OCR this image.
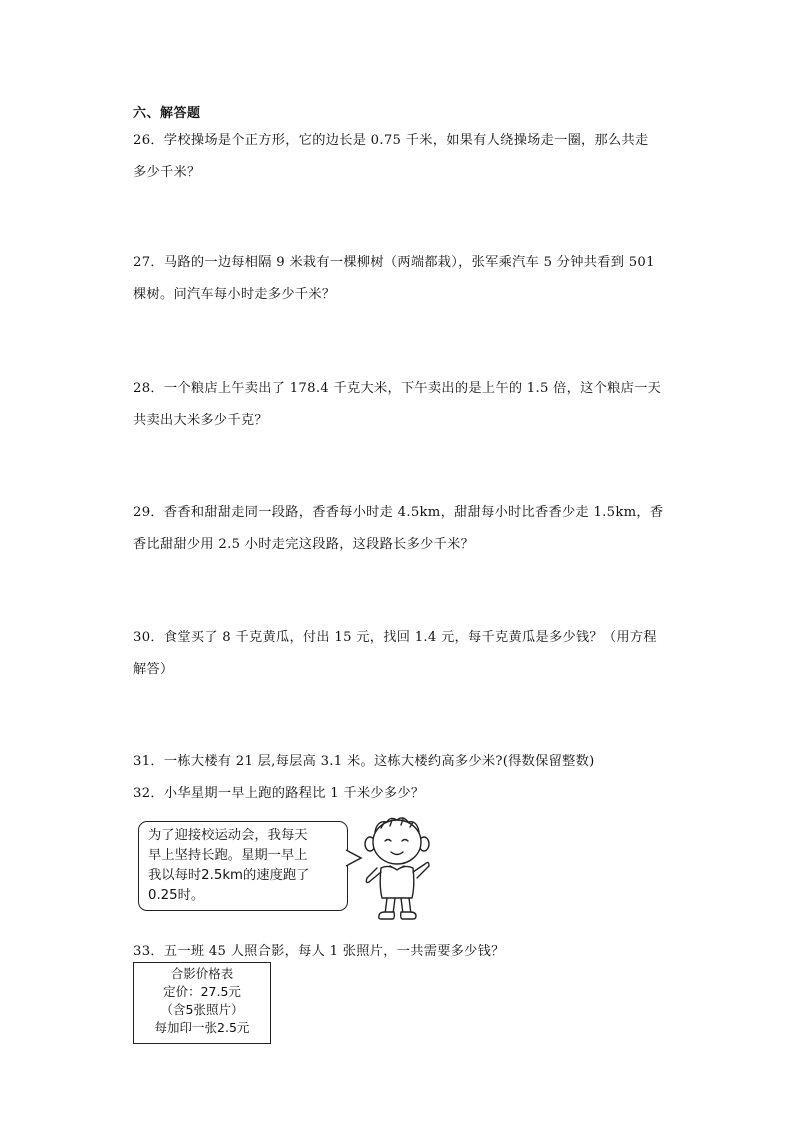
六、解答题
26．学校操场是个正方形，它的边长是 0.75 千米，如果有人绕操场走一圈，那么共走
多少千米？
27．马路的一边每相隔 9 米栽有一棵柳树（两端都栽），张军乘汽车 5 分钟共看到 501
棵树。问汽车每小时走多少千米？
28．一个粮店上午卖出了 178.4 千克大米，下午卖出的是上午的 1.5 倍，这个粮店一天
共卖出大米多少千克？
29．香香和甜甜走同一段路，香香每小时走 4.5km，甜甜每小时比香香少走 1.5km，香
香比甜甜少用 2.5 小时走完这段路，这段路长多少千米？
30．食堂买了 8 千克黄瓜，付出 15 元，找回 1.4 元，每千克黄瓜是多少钱？（用方程
解答）
31．一栋大楼有 21 层,每层高 3.1 米。这栋大楼约高多少米?(得数保留整数)
32．小华星期一早上跑的路程比 1 千米少多少？
为了迎接校运动会，我每天
早上坚持长跑。星期一早上
我以每时2.5km的速度跑了
0.25时。
33．五一班 45 人照合影，每人 1 张照片，一共需要多少钱？
合影价格表
定价：27.5元
（含5张照片）
每加印一张2.5元
